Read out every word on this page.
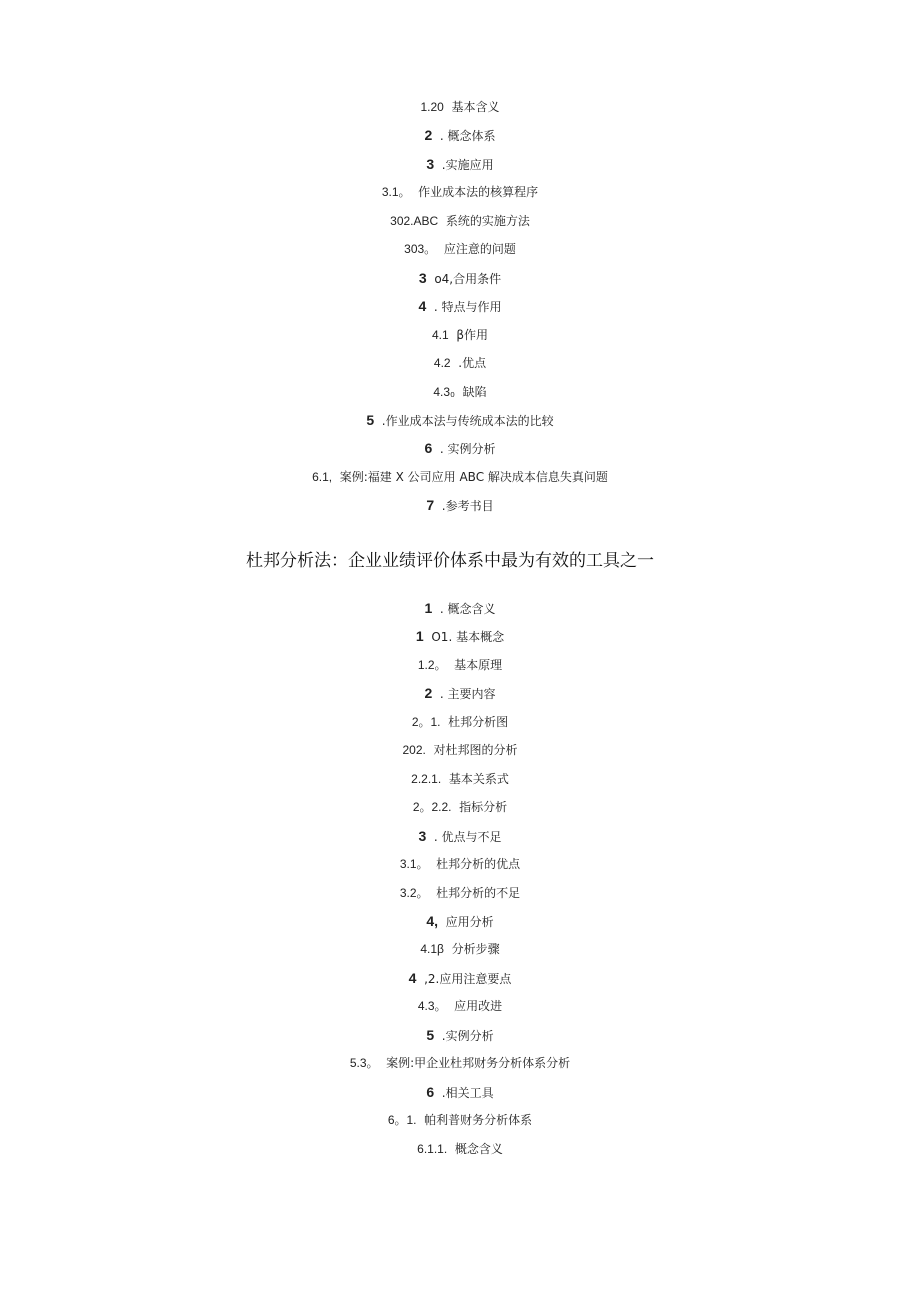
1.20 基本含义
2 . 概念体系
3 .实施应用
3.1。 作业成本法的核算程序
302.ABC 系统的实施方法
303。 应注意的问题
3 o4,合用条件
4 . 特点与作用
4.1 β作用
4.2 .优点
4.3₀ 缺陷
5 .作业成本法与传统成本法的比较
6 . 实例分析
6.1, 案例:福建 X 公司应用 ABC 解决成本信息失真问题
7 .参考书目
杜邦分析法：企业业绩评价体系中最为有效的工具之一
1 . 概念含义
1 O1. 基本概念
1.2。 基本原理
2 . 主要内容
2。1. 杜邦分析图
202. 对杜邦图的分析
2.2.1. 基本关系式
2。2.2. 指标分析
3 . 优点与不足
3.1。 杜邦分析的优点
3.2。 杜邦分析的不足
4, 应用分析
4.1β 分析步骤
4 ,2.应用注意要点
4.3。 应用改进
5 .实例分析
5.3。 案例:甲企业杜邦财务分析体系分析
6 .相关工具
6。1. 帕利普财务分析体系
6.1.1. 概念含义
